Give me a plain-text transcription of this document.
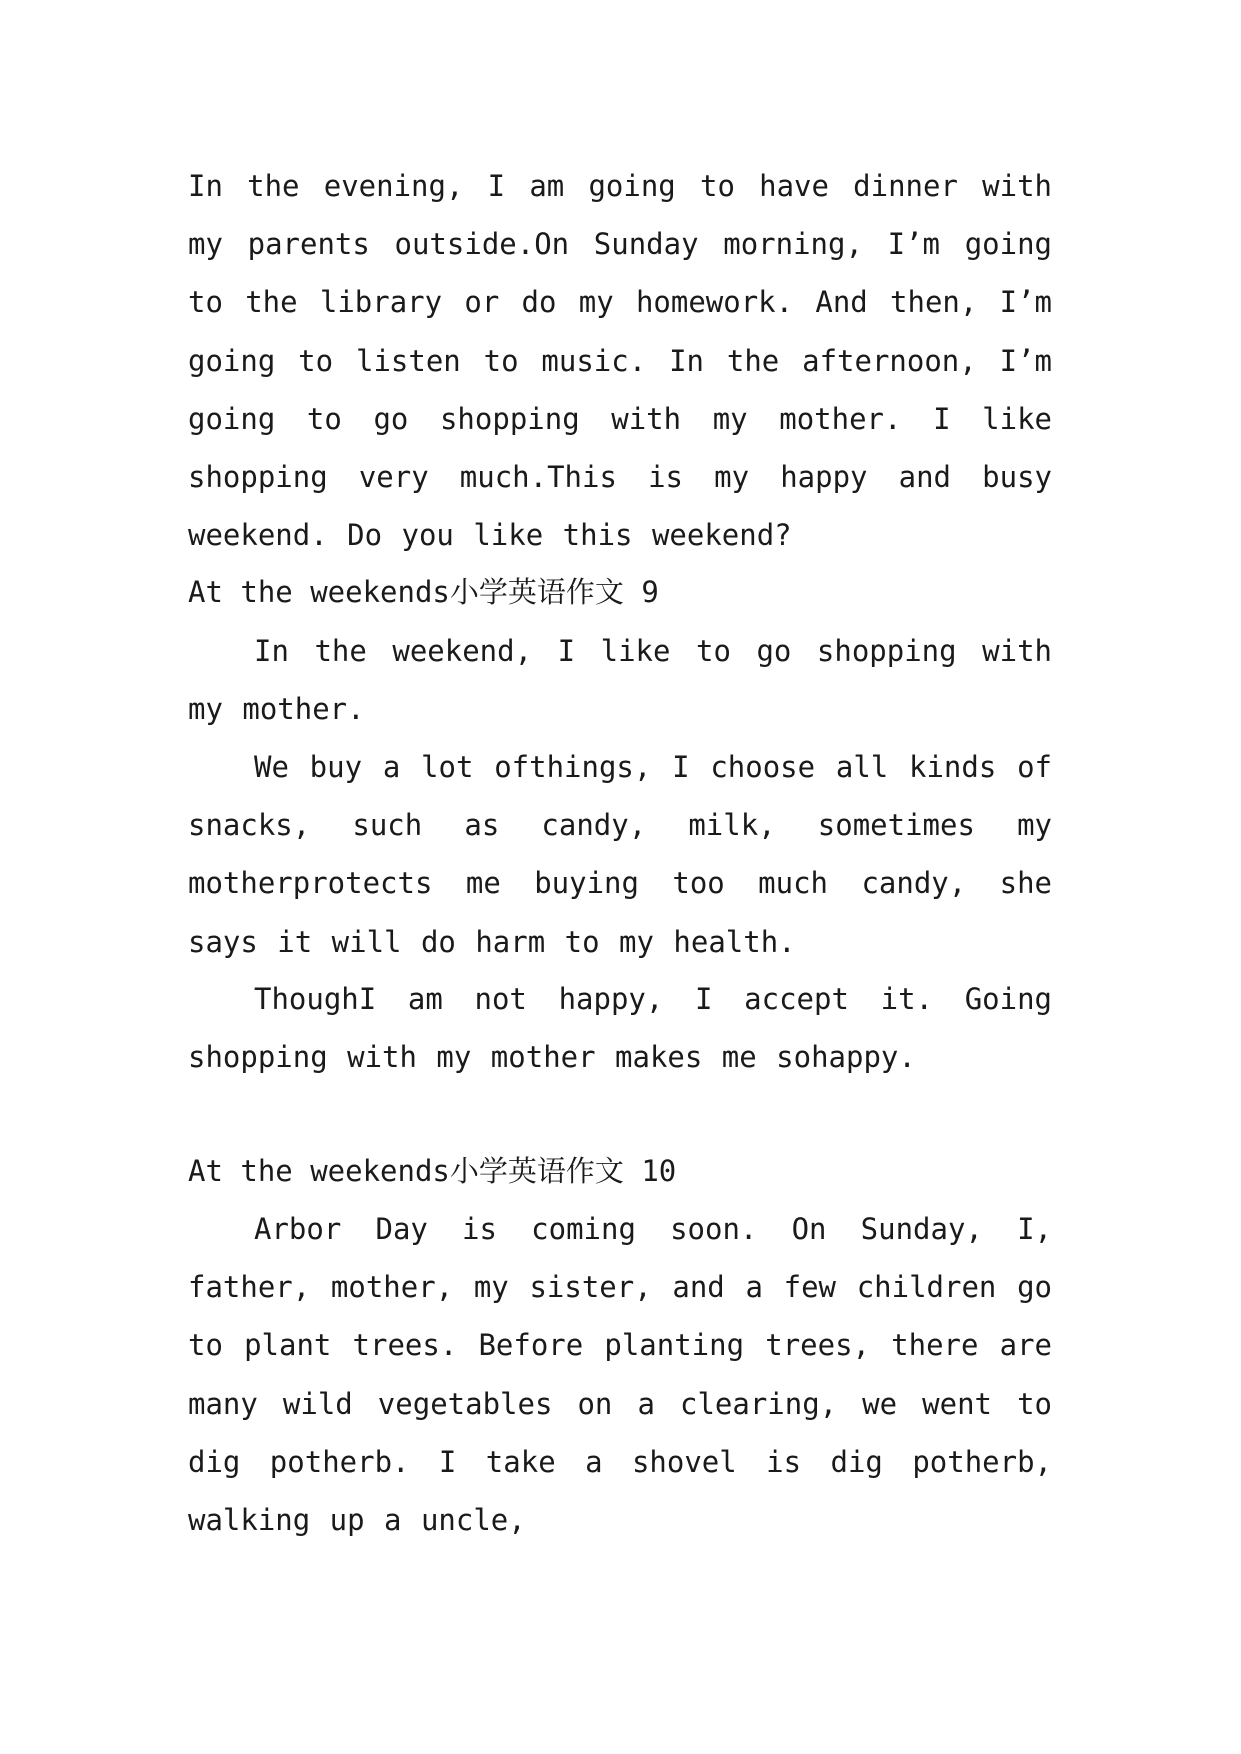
In the evening, I am going to have dinner with my parents outside.On Sunday morning, I’m going to the library or do my homework. And then, I’m going to listen to music. In the afternoon, I’m going to go shopping with my mother. I like shopping very much.This is my happy and busy weekend. Do you like this weekend?

At the weekends小学英语作文 9

In the weekend, I like to go shopping with my mother.

We buy a lot ofthings, I choose all kinds of snacks, such as candy, milk, sometimes my motherprotects me buying too much candy, she says it will do harm to my health.

ThoughI am not happy, I accept it. Going shopping with my mother makes me sohappy.

At the weekends小学英语作文 10

Arbor Day is coming soon. On Sunday, I, father, mother, my sister, and a few children go to plant trees. Before planting trees, there are many wild vegetables on a clearing, we went to dig potherb. I take a shovel is dig potherb, walking up a uncle,
